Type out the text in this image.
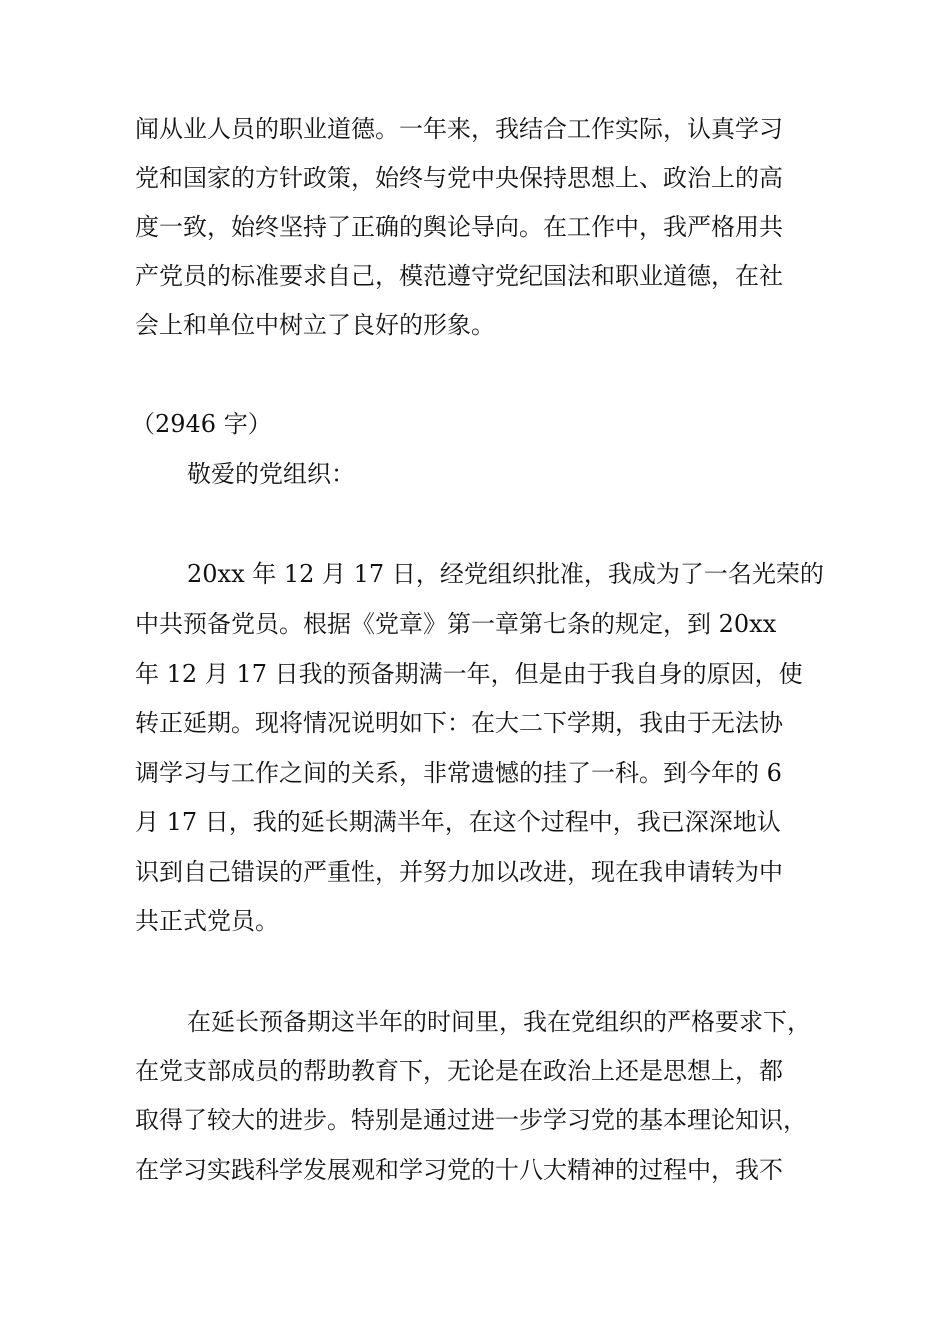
闻从业人员的职业道德。一年来，我结合工作实际，认真学习

党和国家的方针政策，始终与党中央保持思想上、政治上的高

度一致，始终坚持了正确的舆论导向。在工作中，我严格用共

产党员的标准要求自己，模范遵守党纪国法和职业道德，在社

会上和单位中树立了良好的形象。

（2946 字）

敬爱的党组织：

20xx 年 12 月 17 日，经党组织批准，我成为了一名光荣的

中共预备党员。根据《党章》第一章第七条的规定，到 20xx

年 12 月 17 日我的预备期满一年，但是由于我自身的原因，使

转正延期。现将情况说明如下：在大二下学期，我由于无法协

调学习与工作之间的关系，非常遗憾的挂了一科。到今年的 6

月 17 日，我的延长期满半年，在这个过程中，我已深深地认

识到自己错误的严重性，并努力加以改进，现在我申请转为中

共正式党员。

在延长预备期这半年的时间里，我在党组织的严格要求下，

在党支部成员的帮助教育下，无论是在政治上还是思想上，都

取得了较大的进步。特别是通过进一步学习党的基本理论知识，

在学习实践科学发展观和学习党的十八大精神的过程中，我不
